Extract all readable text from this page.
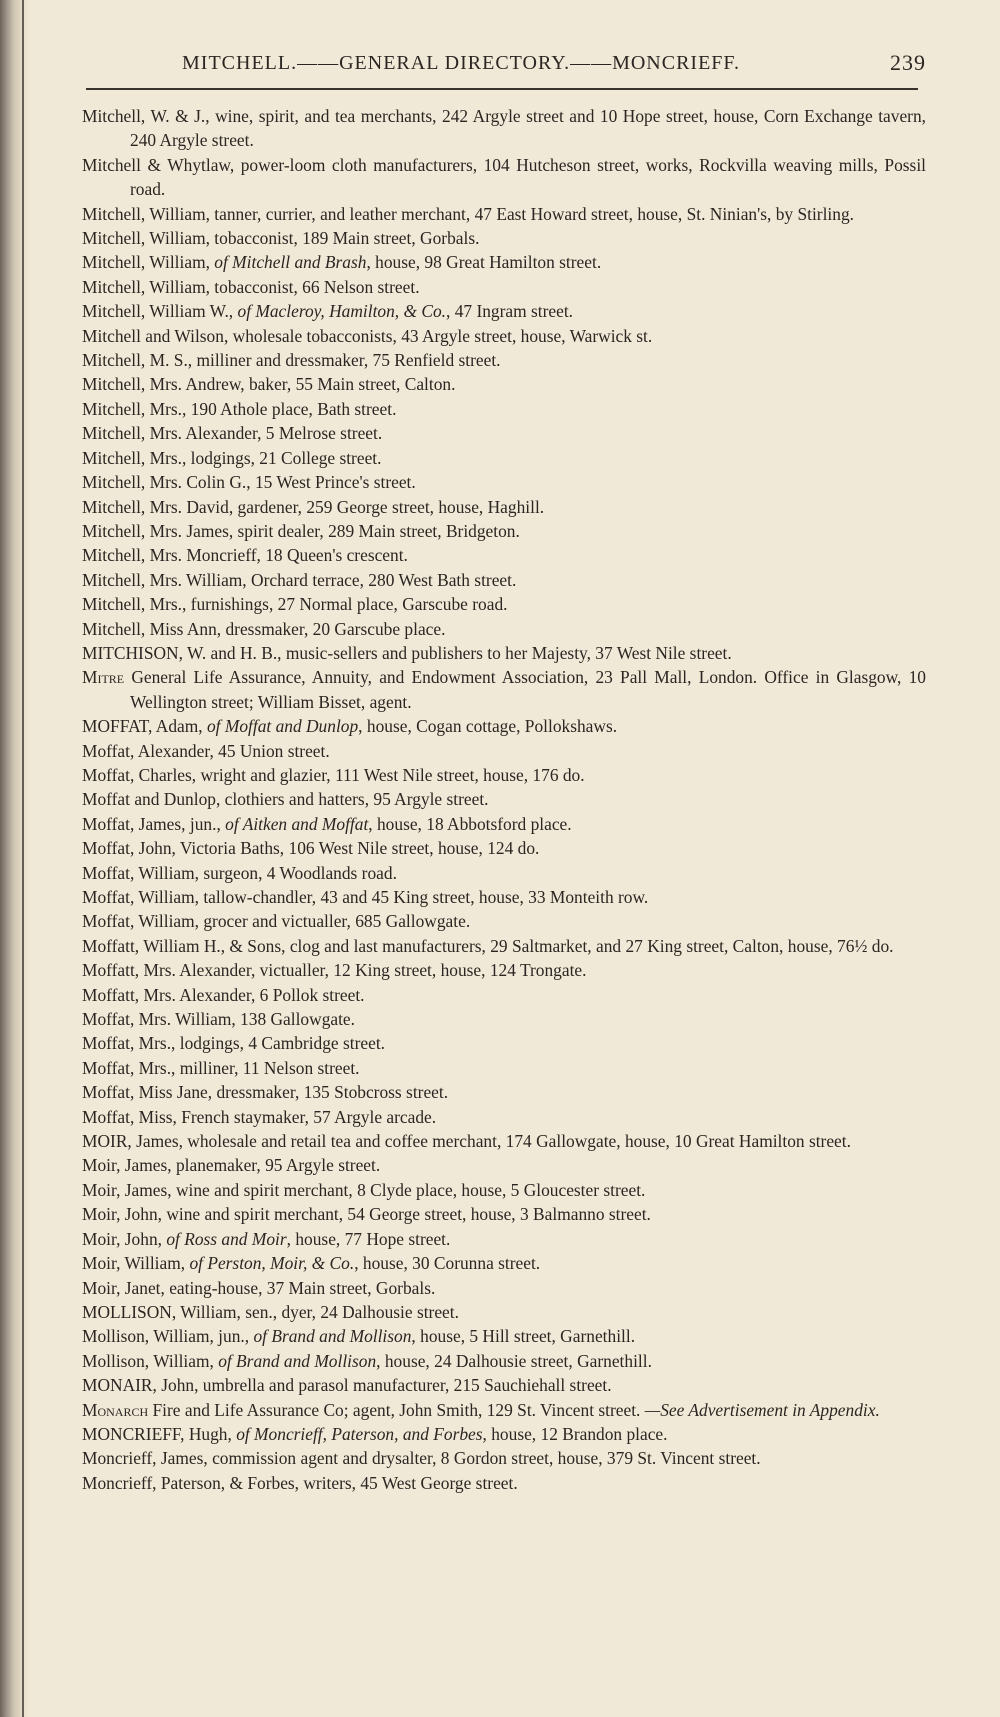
MITCHELL.——GENERAL DIRECTORY.——MONCRIEFF.	239

Mitchell, W. & J., wine, spirit, and tea merchants, 242 Argyle street and 10 Hope street, house, Corn Exchange tavern, 240 Argyle street.

Mitchell & Whytlaw, power-loom cloth manufacturers, 104 Hutcheson street, works, Rockvilla weaving mills, Possil road.

Mitchell, William, tanner, currier, and leather merchant, 47 East Howard street, house, St. Ninian's, by Stirling.

Mitchell, William, tobacconist, 189 Main street, Gorbals.

Mitchell, William, of Mitchell and Brash, house, 98 Great Hamilton street.

Mitchell, William, tobacconist, 66 Nelson street.

Mitchell, William W., of Macleroy, Hamilton, & Co., 47 Ingram street.

Mitchell and Wilson, wholesale tobacconists, 43 Argyle street, house, Warwick st.

Mitchell, M. S., milliner and dressmaker, 75 Renfield street.

Mitchell, Mrs. Andrew, baker, 55 Main street, Calton.

Mitchell, Mrs., 190 Athole place, Bath street.

Mitchell, Mrs. Alexander, 5 Melrose street.

Mitchell, Mrs., lodgings, 21 College street.

Mitchell, Mrs. Colin G., 15 West Prince's street.

Mitchell, Mrs. David, gardener, 259 George street, house, Haghill.

Mitchell, Mrs. James, spirit dealer, 289 Main street, Bridgeton.

Mitchell, Mrs. Moncrieff, 18 Queen's crescent.

Mitchell, Mrs. William, Orchard terrace, 280 West Bath street.

Mitchell, Mrs., furnishings, 27 Normal place, Garscube road.

Mitchell, Miss Ann, dressmaker, 20 Garscube place.

MITCHISON, W. and H. B., music-sellers and publishers to her Majesty, 37 West Nile street.

Mitre General Life Assurance, Annuity, and Endowment Association, 23 Pall Mall, London. Office in Glasgow, 10 Wellington street; William Bisset, agent.

MOFFAT, Adam, of Moffat and Dunlop, house, Cogan cottage, Pollokshaws.

Moffat, Alexander, 45 Union street.

Moffat, Charles, wright and glazier, 111 West Nile street, house, 176 do.

Moffat and Dunlop, clothiers and hatters, 95 Argyle street.

Moffat, James, jun., of Aitken and Moffat, house, 18 Abbotsford place.

Moffat, John, Victoria Baths, 106 West Nile street, house, 124 do.

Moffat, William, surgeon, 4 Woodlands road.

Moffat, William, tallow-chandler, 43 and 45 King street, house, 33 Monteith row.

Moffat, William, grocer and victualler, 685 Gallowgate.

Moffatt, William H., & Sons, clog and last manufacturers, 29 Saltmarket, and 27 King street, Calton, house, 76½ do.

Moffatt, Mrs. Alexander, victualler, 12 King street, house, 124 Trongate.

Moffatt, Mrs. Alexander, 6 Pollok street.

Moffat, Mrs. William, 138 Gallowgate.

Moffat, Mrs., lodgings, 4 Cambridge street.

Moffat, Mrs., milliner, 11 Nelson street.

Moffat, Miss Jane, dressmaker, 135 Stobcross street.

Moffat, Miss, French staymaker, 57 Argyle arcade.

MOIR, James, wholesale and retail tea and coffee merchant, 174 Gallowgate, house, 10 Great Hamilton street.

Moir, James, planemaker, 95 Argyle street.

Moir, James, wine and spirit merchant, 8 Clyde place, house, 5 Gloucester street.

Moir, John, wine and spirit merchant, 54 George street, house, 3 Balmanno street.

Moir, John, of Ross and Moir, house, 77 Hope street.

Moir, William, of Perston, Moir, & Co., house, 30 Corunna street.

Moir, Janet, eating-house, 37 Main street, Gorbals.

MOLLISON, William, sen., dyer, 24 Dalhousie street.

Mollison, William, jun., of Brand and Mollison, house, 5 Hill street, Garnethill.

Mollison, William, of Brand and Mollison, house, 24 Dalhousie street, Garnethill.

MONAIR, John, umbrella and parasol manufacturer, 215 Sauchiehall street.

Monarch Fire and Life Assurance Co; agent, John Smith, 129 St. Vincent street. —See Advertisement in Appendix.

MONCRIEFF, Hugh, of Moncrieff, Paterson, and Forbes, house, 12 Brandon place.

Moncrieff, James, commission agent and drysalter, 8 Gordon street, house, 379 St. Vincent street.

Moncrieff, Paterson, & Forbes, writers, 45 West George street.
